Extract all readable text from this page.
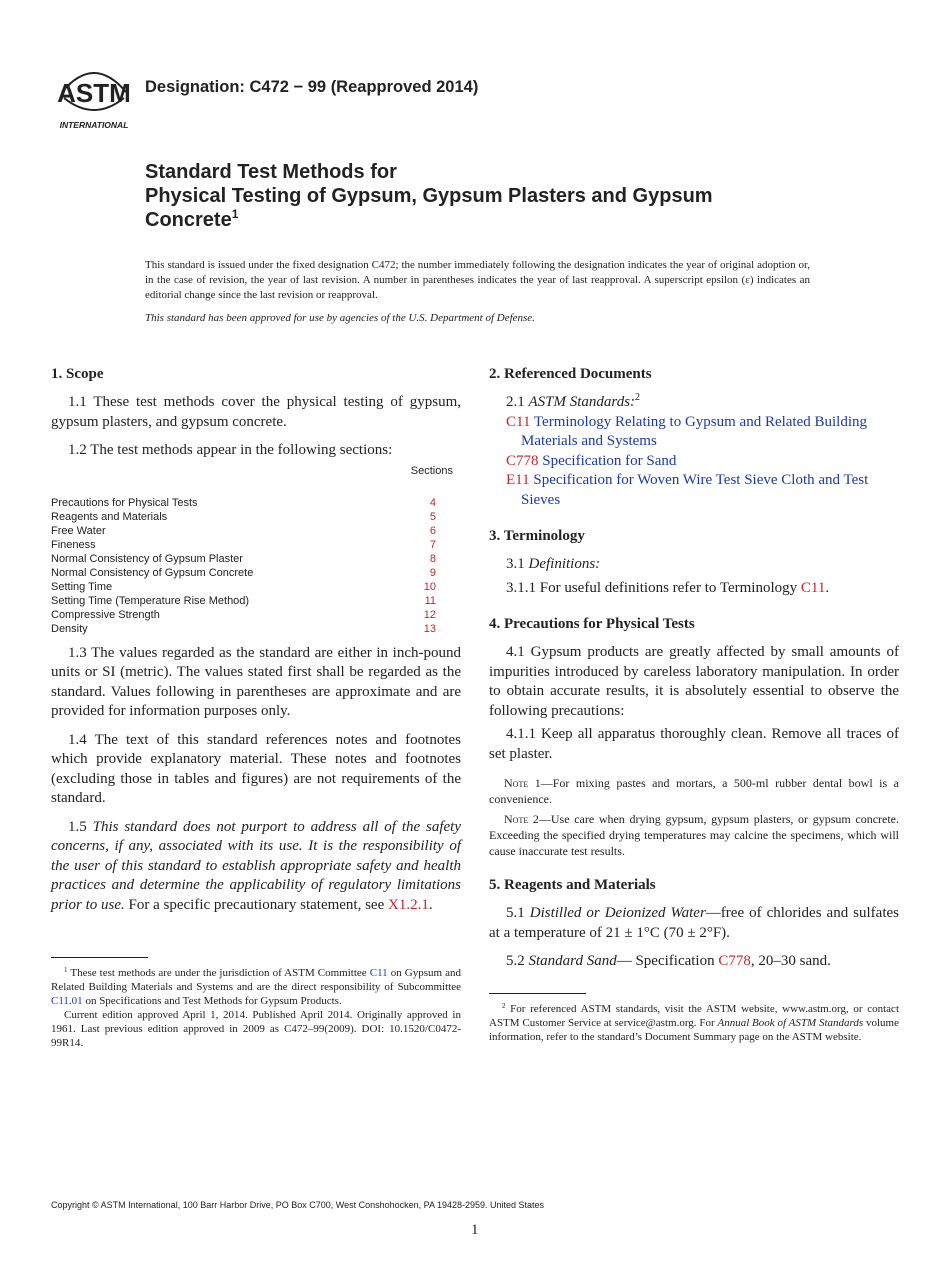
ASTM
INTERNATIONAL
Designation: C472 − 99 (Reapproved 2014)
Standard Test Methods for
Physical Testing of Gypsum, Gypsum Plasters and Gypsum
Concrete$^1$
This standard is issued under the fixed designation C472; the number immediately following the designation indicates the year of original adoption or, in the case of revision, the year of last revision. A number in parentheses indicates the year of last reapproval. A superscript epsilon (ε) indicates an editorial change since the last revision or reapproval.
This standard has been approved for use by agencies of the U.S. Department of Defense.
1. Scope

1.1 These test methods cover the physical testing of gypsum, gypsum plasters, and gypsum concrete.

1.2 The test methods appear in the following sections:

Sections
Precautions for Physical Tests	4
Reagents and Materials	5
Free Water	6
Fineness	7
Normal Consistency of Gypsum Plaster	8
Normal Consistency of Gypsum Concrete	9
Setting Time	10
Setting Time (Temperature Rise Method)	11
Compressive Strength	12
Density	13

1.3 The values regarded as the standard are either in inch-pound units or SI (metric). The values stated first shall be regarded as the standard. Values following in parentheses are approximate and are provided for information purposes only.

1.4 The text of this standard references notes and footnotes which provide explanatory material. These notes and footnotes (excluding those in tables and figures) are not requirements of the standard.

1.5 This standard does not purport to address all of the safety concerns, if any, associated with its use. It is the responsibility of the user of this standard to establish appropriate safety and health practices and determine the applicability of regulatory limitations prior to use. For a specific precautionary statement, see X1.2.1.

$^1$ These test methods are under the jurisdiction of ASTM Committee C11 on Gypsum and Related Building Materials and Systems and are the direct responsibility of Subcommittee C11.01 on Specifications and Test Methods for Gypsum Products.

Current edition approved April 1, 2014. Published April 2014. Originally approved in 1961. Last previous edition approved in 2009 as C472–99(2009). DOI: 10.1520/C0472-99R14.

2. Referenced Documents
2.1 ASTM Standards:$^2$
C11 Terminology Relating to Gypsum and Related Building Materials and Systems
C778 Specification for Sand
E11 Specification for Woven Wire Test Sieve Cloth and Test Sieves
3. Terminology

3.1 Definitions:

3.1.1 For useful definitions refer to Terminology C11.

4. Precautions for Physical Tests

4.1 Gypsum products are greatly affected by small amounts of impurities introduced by careless laboratory manipulation. In order to obtain accurate results, it is absolutely essential to observe the following precautions:

4.1.1 Keep all apparatus thoroughly clean. Remove all traces of set plaster.

Note 1—For mixing pastes and mortars, a 500-ml rubber dental bowl is a convenience.

Note 2—Use care when drying gypsum, gypsum plasters, or gypsum concrete. Exceeding the specified drying temperatures may calcine the specimens, which will cause inaccurate test results.

5. Reagents and Materials

5.1 Distilled or Deionized Water—free of chlorides and sulfates at a temperature of 21 ± 1°C (70 ± 2°F).

5.2 Standard Sand— Specification C778, 20–30 sand.

$^2$ For referenced ASTM standards, visit the ASTM website, www.astm.org, or contact ASTM Customer Service at service@astm.org. For Annual Book of ASTM Standards volume information, refer to the standard’s Document Summary page on the ASTM website.

Copyright © ASTM International, 100 Barr Harbor Drive, PO Box C700, West Conshohocken, PA 19428-2959. United States
1
